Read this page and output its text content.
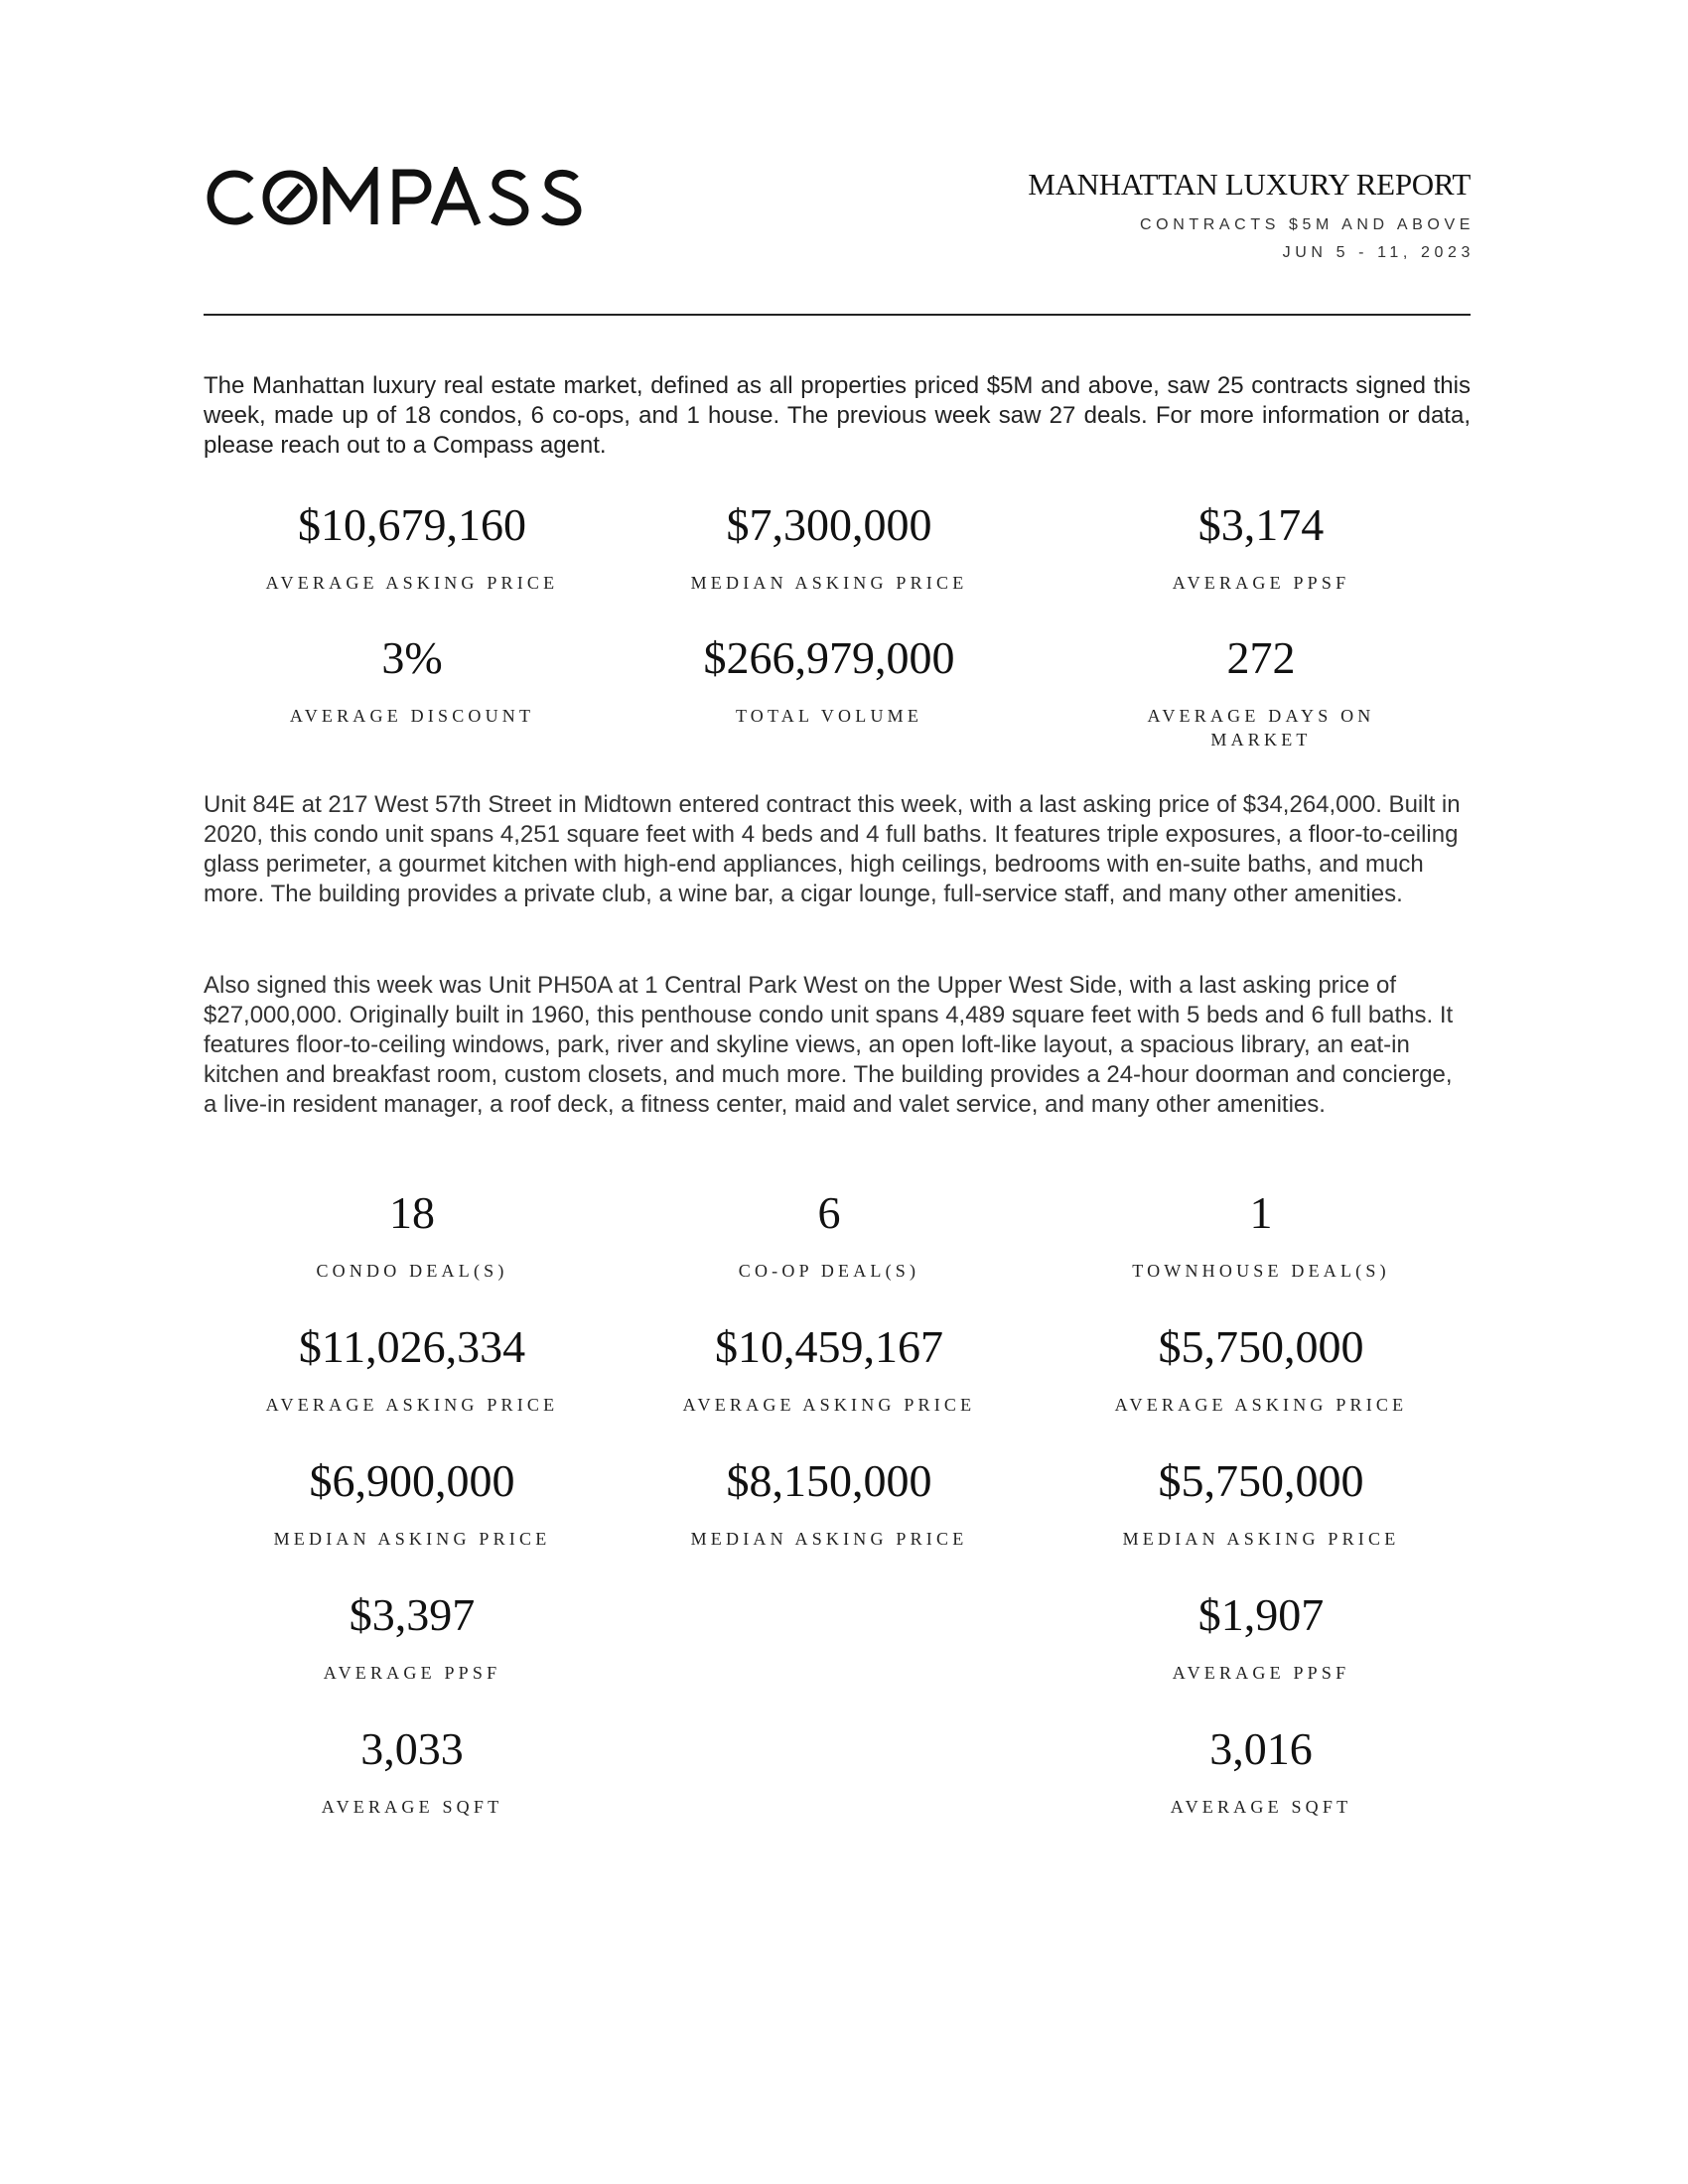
MANHATTAN LUXURY REPORT
CONTRACTS $5M AND ABOVE
JUN 5 - 11, 2023

The Manhattan luxury real estate market, defined as all properties priced $5M and above, saw 25 contracts signed this week, made up of 18 condos, 6 co-ops, and 1 house. The previous week saw 27 deals. For more information or data, please reach out to a Compass agent.

$10,679,160
AVERAGE ASKING PRICE
$7,300,000
MEDIAN ASKING PRICE
$3,174
AVERAGE PPSF
3%
AVERAGE DISCOUNT
$266,979,000
TOTAL VOLUME
272
AVERAGE DAYS ON MARKET

Unit 84E at 217 West 57th Street in Midtown entered contract this week, with a last asking price of $34,264,000. Built in 2020, this condo unit spans 4,251 square feet with 4 beds and 4 full baths. It features triple exposures, a floor-to-ceiling glass perimeter, a gourmet kitchen with high-end appliances, high ceilings, bedrooms with en-suite baths, and much more. The building provides a private club, a wine bar, a cigar lounge, full-service staff, and many other amenities.

Also signed this week was Unit PH50A at 1 Central Park West on the Upper West Side, with a last asking price of $27,000,000. Originally built in 1960, this penthouse condo unit spans 4,489 square feet with 5 beds and 6 full baths. It features floor-to-ceiling windows, park, river and skyline views, an open loft-like layout, a spacious library, an eat-in kitchen and breakfast room, custom closets, and much more. The building provides a 24-hour doorman and concierge, a live-in resident manager, a roof deck, a fitness center, maid and valet service, and many other amenities.

18
CONDO DEAL(S)
$11,026,334
AVERAGE ASKING PRICE
$6,900,000
MEDIAN ASKING PRICE
$3,397
AVERAGE PPSF
3,033
AVERAGE SQFT
6
CO-OP DEAL(S)
$10,459,167
AVERAGE ASKING PRICE
$8,150,000
MEDIAN ASKING PRICE
1
TOWNHOUSE DEAL(S)
$5,750,000
AVERAGE ASKING PRICE
$5,750,000
MEDIAN ASKING PRICE
$1,907
AVERAGE PPSF
3,016
AVERAGE SQFT
